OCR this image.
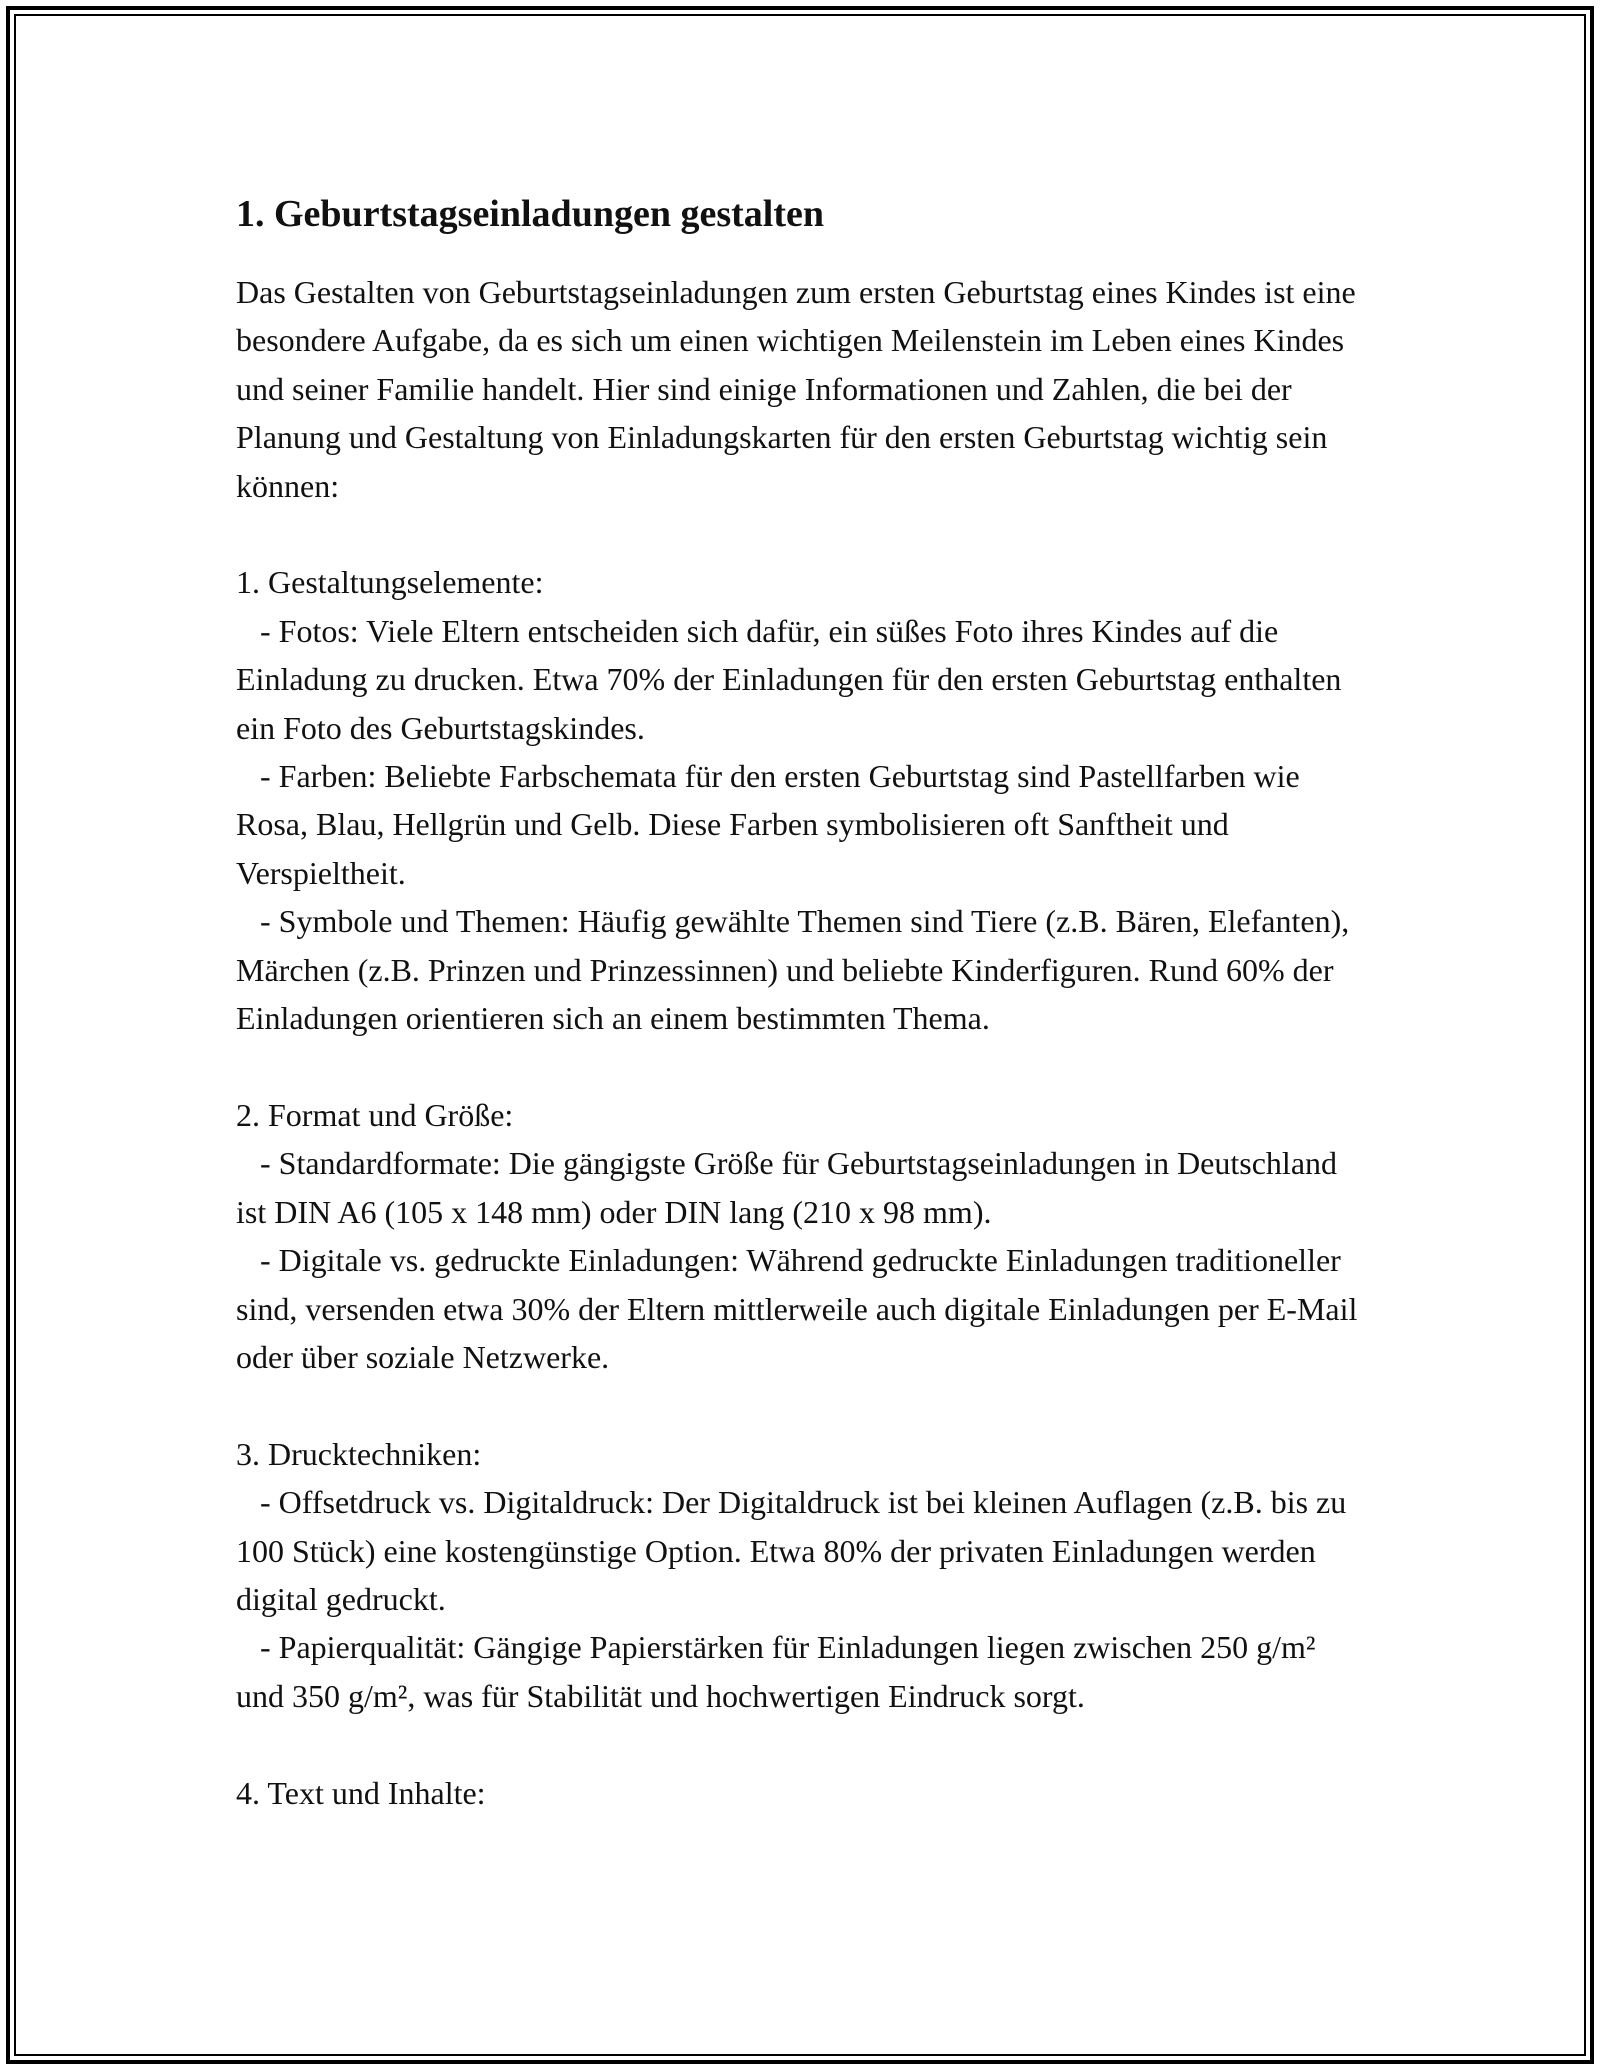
1. Geburtstagseinladungen gestalten

Das Gestalten von Geburtstagseinladungen zum ersten Geburtstag eines Kindes ist eine besondere Aufgabe, da es sich um einen wichtigen Meilenstein im Leben eines Kindes und seiner Familie handelt. Hier sind einige Informationen und Zahlen, die bei der Planung und Gestaltung von Einladungskarten für den ersten Geburtstag wichtig sein können:

1. Gestaltungselemente:

- Fotos: Viele Eltern entscheiden sich dafür, ein süßes Foto ihres Kindes auf die Einladung zu drucken. Etwa 70% der Einladungen für den ersten Geburtstag enthalten ein Foto des Geburtstagskindes.

- Farben: Beliebte Farbschemata für den ersten Geburtstag sind Pastellfarben wie Rosa, Blau, Hellgrün und Gelb. Diese Farben symbolisieren oft Sanftheit und Verspieltheit.

- Symbole und Themen: Häufig gewählte Themen sind Tiere (z.B. Bären, Elefanten), Märchen (z.B. Prinzen und Prinzessinnen) und beliebte Kinderfiguren. Rund 60% der Einladungen orientieren sich an einem bestimmten Thema.

2. Format und Größe:

- Standardformate: Die gängigste Größe für Geburtstagseinladungen in Deutschland ist DIN A6 (105 x 148 mm) oder DIN lang (210 x 98 mm).

- Digitale vs. gedruckte Einladungen: Während gedruckte Einladungen traditioneller sind, versenden etwa 30% der Eltern mittlerweile auch digitale Einladungen per E-Mail oder über soziale Netzwerke.

3. Drucktechniken:

- Offsetdruck vs. Digitaldruck: Der Digitaldruck ist bei kleinen Auflagen (z.B. bis zu 100 Stück) eine kostengünstige Option. Etwa 80% der privaten Einladungen werden digital gedruckt.

- Papierqualität: Gängige Papierstärken für Einladungen liegen zwischen 250 g/m² und 350 g/m², was für Stabilität und hochwertigen Eindruck sorgt.

4. Text und Inhalte:
